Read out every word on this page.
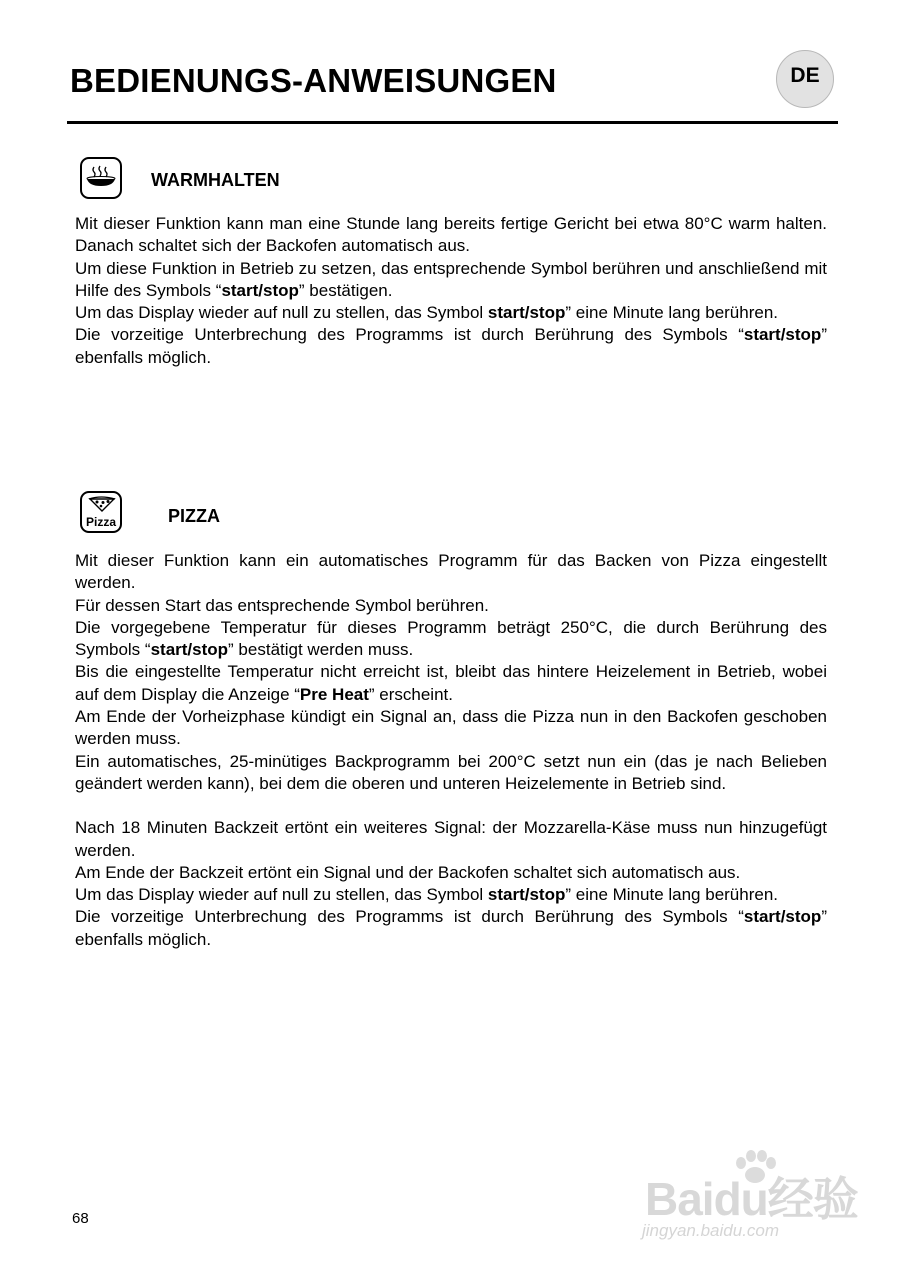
BEDIENUNGS-ANWEISUNGEN	DE
WARMHALTEN

Mit dieser Funktion kann man eine Stunde lang bereits fertige Gericht bei etwa 80°C warm halten. Danach schaltet sich der Backofen automatisch aus.

Um diese Funktion in Betrieb zu setzen, das entsprechende Symbol berühren und anschließend mit Hilfe des Symbols “start/stop” bestätigen.

Um das Display wieder auf null zu stellen, das Symbol start/stop” eine Minute lang berühren.

Die vorzeitige Unterbrechung des Programms ist durch Berührung des Symbols “start/stop” ebenfalls möglich.

Pizza	PIZZA

Mit dieser Funktion kann ein automatisches Programm für das Backen von Pizza eingestellt werden.

Für dessen Start das entsprechende Symbol berühren.

Die vorgegebene Temperatur für dieses Programm beträgt 250°C, die durch Berührung des Symbols “start/stop” bestätigt werden muss.

Bis die eingestellte Temperatur nicht erreicht ist, bleibt das hintere Heizelement in Betrieb, wobei auf dem Display die Anzeige “Pre Heat” erscheint.

Am Ende der Vorheizphase kündigt ein Signal an, dass die Pizza nun in den Backofen geschoben werden muss.

Ein automatisches, 25-minütiges Backprogramm bei 200°C setzt nun ein (das je nach Belieben geändert werden kann), bei dem die oberen und unteren Heizelemente in Betrieb sind.

Nach 18 Minuten Backzeit ertönt ein weiteres Signal: der Mozzarella-Käse muss nun hinzugefügt werden.

Am Ende der Backzeit ertönt ein Signal und der Backofen schaltet sich automatisch aus.

Um das Display wieder auf null zu stellen, das Symbol start/stop” eine Minute lang berühren.

Die vorzeitige Unterbrechung des Programms ist durch Berührung des Symbols “start/stop” ebenfalls möglich.

68	Baidu经验
jingyan.baidu.com
